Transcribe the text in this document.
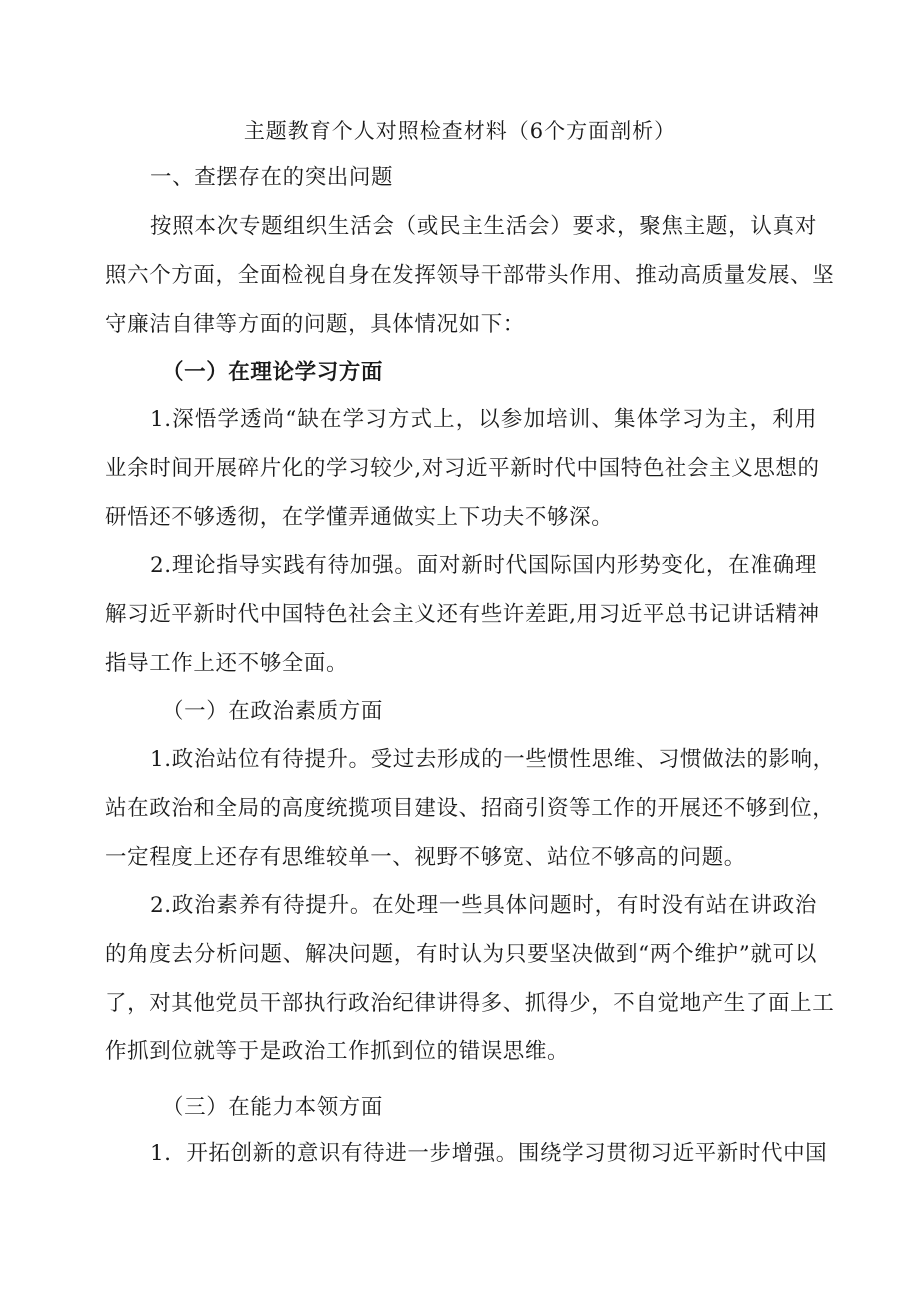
主题教育个人对照检查材料（6个方面剖析）
一、查摆存在的突出问题
按照本次专题组织生活会（或民主生活会）要求，聚焦主题，认真对
照六个方面，全面检视自身在发挥领导干部带头作用、推动高质量发展、坚
守廉洁自律等方面的问题，具体情况如下：
（一）在理论学习方面
1.深悟学透尚“缺在学习方式上，以参加培训、集体学习为主，利用
业余时间开展碎片化的学习较少,对习近平新时代中国特色社会主义思想的
研悟还不够透彻，在学懂弄通做实上下功夫不够深。
2.理论指导实践有待加强。面对新时代国际国内形势变化，在准确理
解习近平新时代中国特色社会主义还有些许差距,用习近平总书记讲话精神
指导工作上还不够全面。
（一）在政治素质方面
1.政治站位有待提升。受过去形成的一些惯性思维、习惯做法的影响，
站在政治和全局的高度统揽项目建设、招商引资等工作的开展还不够到位，
一定程度上还存有思维较单一、视野不够宽、站位不够高的问题。
2.政治素养有待提升。在处理一些具体问题时，有时没有站在讲政治
的角度去分析问题、解决问题，有时认为只要坚决做到“两个维护”就可以
了，对其他党员干部执行政治纪律讲得多、抓得少，不自觉地产生了面上工
作抓到位就等于是政治工作抓到位的错误思维。
（三）在能力本领方面
1．开拓创新的意识有待进一步增强。围绕学习贯彻习近平新时代中国
